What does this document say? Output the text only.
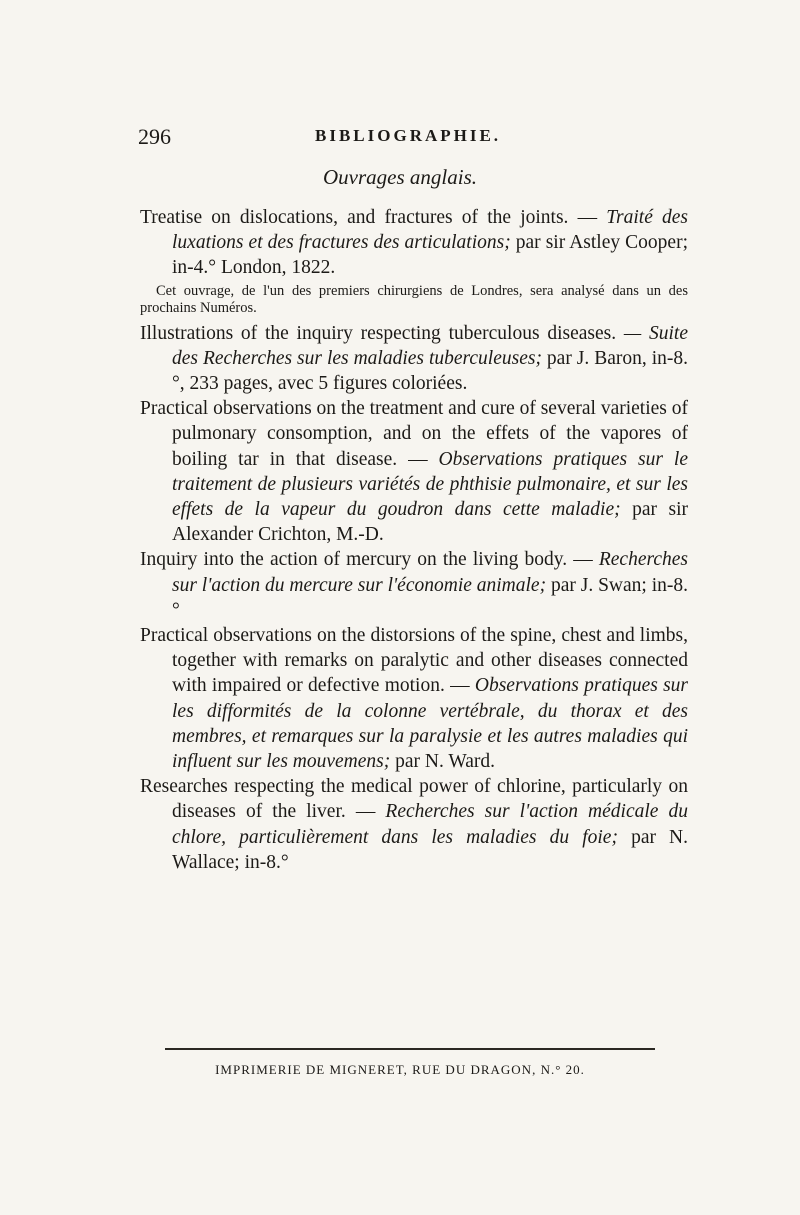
296	BIBLIOGRAPHIE.
Ouvrages anglais.

Treatise on dislocations, and fractures of the joints. — Traité des luxations et des fractures des articulations; par sir Astley Cooper; in-4.° London, 1822.

Cet ouvrage, de l'un des premiers chirurgiens de Londres, sera analysé dans un des prochains Numéros.

Illustrations of the inquiry respecting tuberculous diseases. — Suite des Recherches sur les maladies tuberculeuses; par J. Baron, in-8.°, 233 pages, avec 5 figures coloriées.

Practical observations on the treatment and cure of several varieties of pulmonary consomption, and on the effets of the vapores of boiling tar in that disease. — Observations pratiques sur le traitement de plusieurs variétés de phthisie pulmonaire, et sur les effets de la vapeur du goudron dans cette maladie; par sir Alexander Crichton, M.-D.

Inquiry into the action of mercury on the living body. — Recherches sur l'action du mercure sur l'économie animale; par J. Swan; in-8.°

Practical observations on the distorsions of the spine, chest and limbs, together with remarks on paralytic and other diseases connected with impaired or defective motion. — Observations pratiques sur les difformités de la colonne vertébrale, du thorax et des membres, et remarques sur la paralysie et les autres maladies qui influent sur les mouvemens; par N. Ward.

Researches respecting the medical power of chlorine, particularly on diseases of the liver. — Recherches sur l'action médicale du chlore, particulièrement dans les maladies du foie; par N. Wallace; in-8.°

IMPRIMERIE DE MIGNERET, RUE DU DRAGON, N.° 20.
